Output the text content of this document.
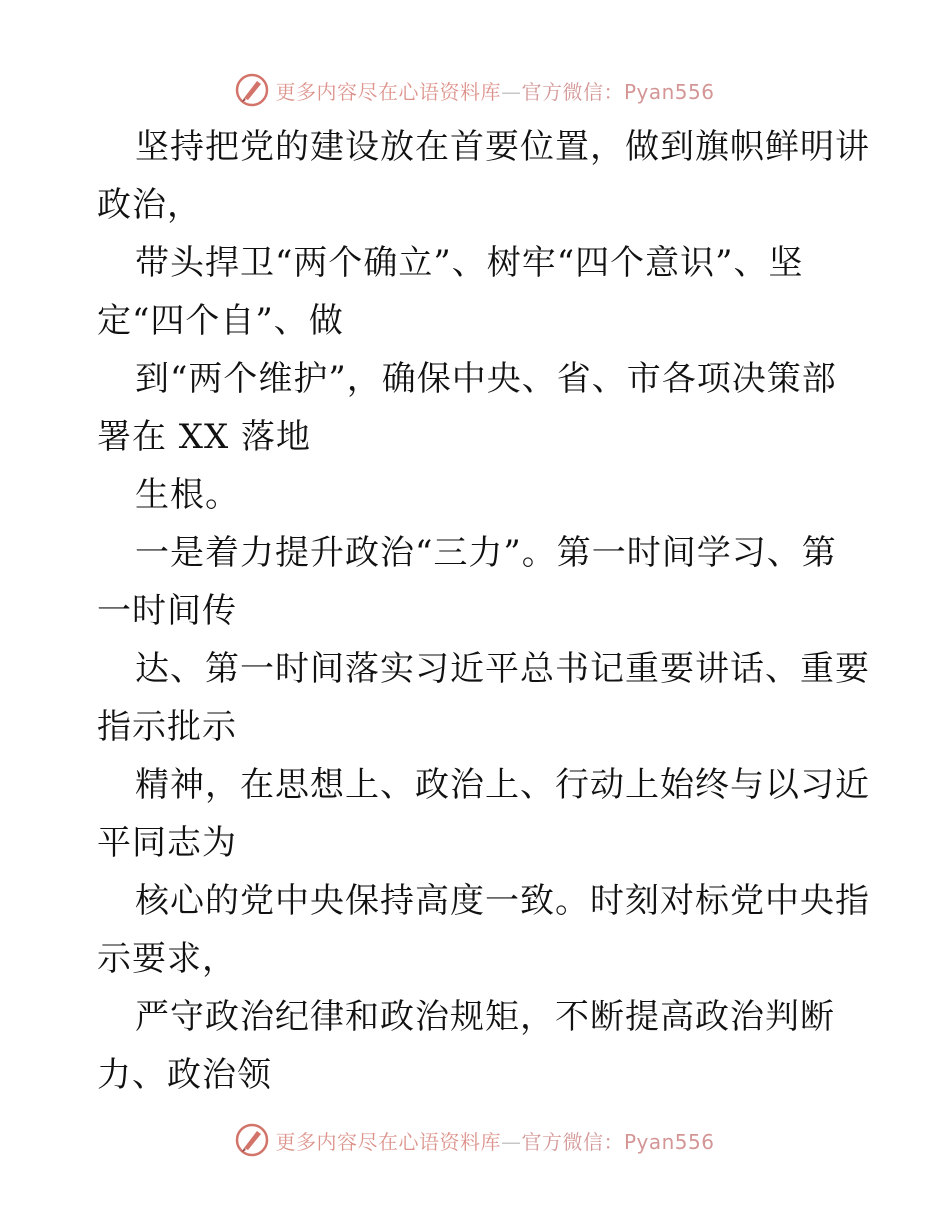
更多内容尽在心语资料库—官方微信：Pyan556
坚持把党的建设放在首要位置，做到旗帜鲜明讲
政治，
带头捍卫“两个确立”、树牢“四个意识”、坚
定“四个自”、做
到“两个维护”，确保中央、省、市各项决策部
署在 XX 落地
生根。
一是着力提升政治“三力”。第一时间学习、第
一时间传
达、第一时间落实习近平总书记重要讲话、重要
指示批示
精神，在思想上、政治上、行动上始终与以习近
平同志为
核心的党中央保持高度一致。时刻对标党中央指
示要求，
严守政治纪律和政治规矩，不断提高政治判断
力、政治领
更多内容尽在心语资料库—官方微信：Pyan556
